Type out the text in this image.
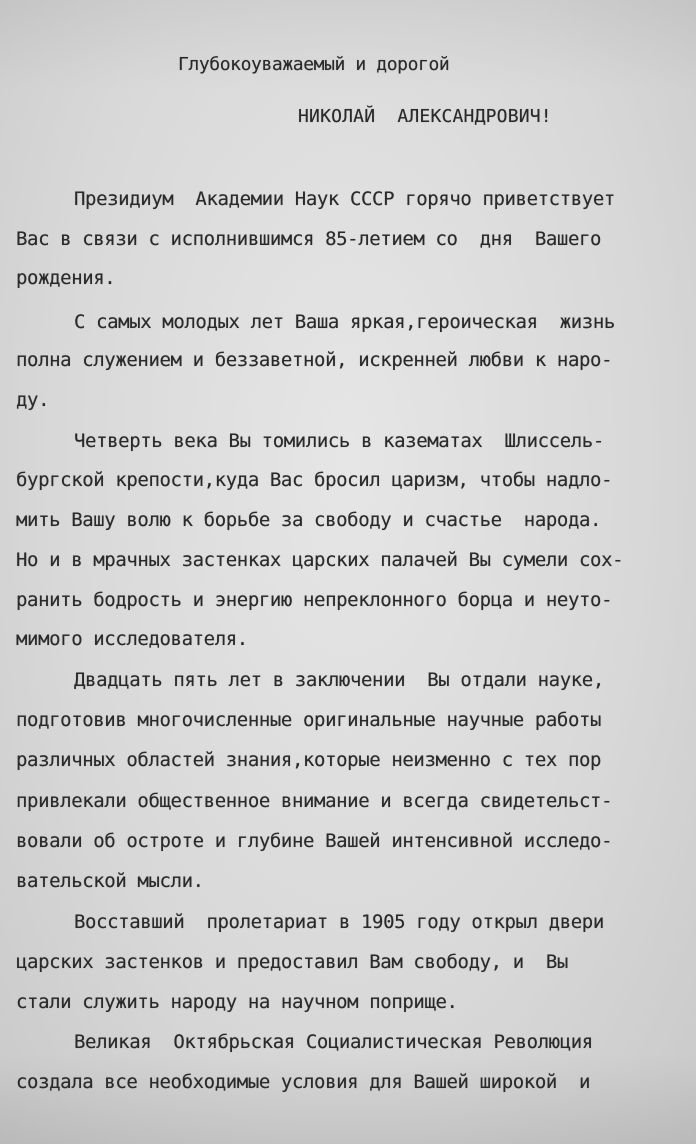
Глубокоуважаемый и дорогой
НИКОЛАЙ  АЛЕКСАНДРОВИЧ!
Президиум  Академии Наук СССР горячо приветствует
Вас в связи с исполнившимся 85-летием со  дня  Вашего
рождения.
С самых молодых лет Ваша яркая,героическая  жизнь
полна служением и беззаветной, искренней любви к наро-
ду.
Четверть века Вы томились в казематах  Шлиссель-
бургской крепости,куда Вас бросил царизм, чтобы надло-
мить Вашу волю к борьбе за свободу и счастье  народа.
Но и в мрачных застенках царских палачей Вы сумели сох-
ранить бодрость и энергию непреклонного борца и неуто-
мимого исследователя.
Двадцать пять лет в заключении  Вы отдали науке,
подготовив многочисленные оригинальные научные работы
различных областей знания,которые неизменно с тех пор
привлекали общественное внимание и всегда свидетельст-
вовали об остроте и глубине Вашей интенсивной исследо-
вательской мысли.
Восставший  пролетариат в 1905 году открыл двери
царских застенков и предоставил Вам свободу, и  Вы
стали служить народу на научном поприще.
Великая  Октябрьская Социалистическая Революция
создала все необходимые условия для Вашей широкой  и
